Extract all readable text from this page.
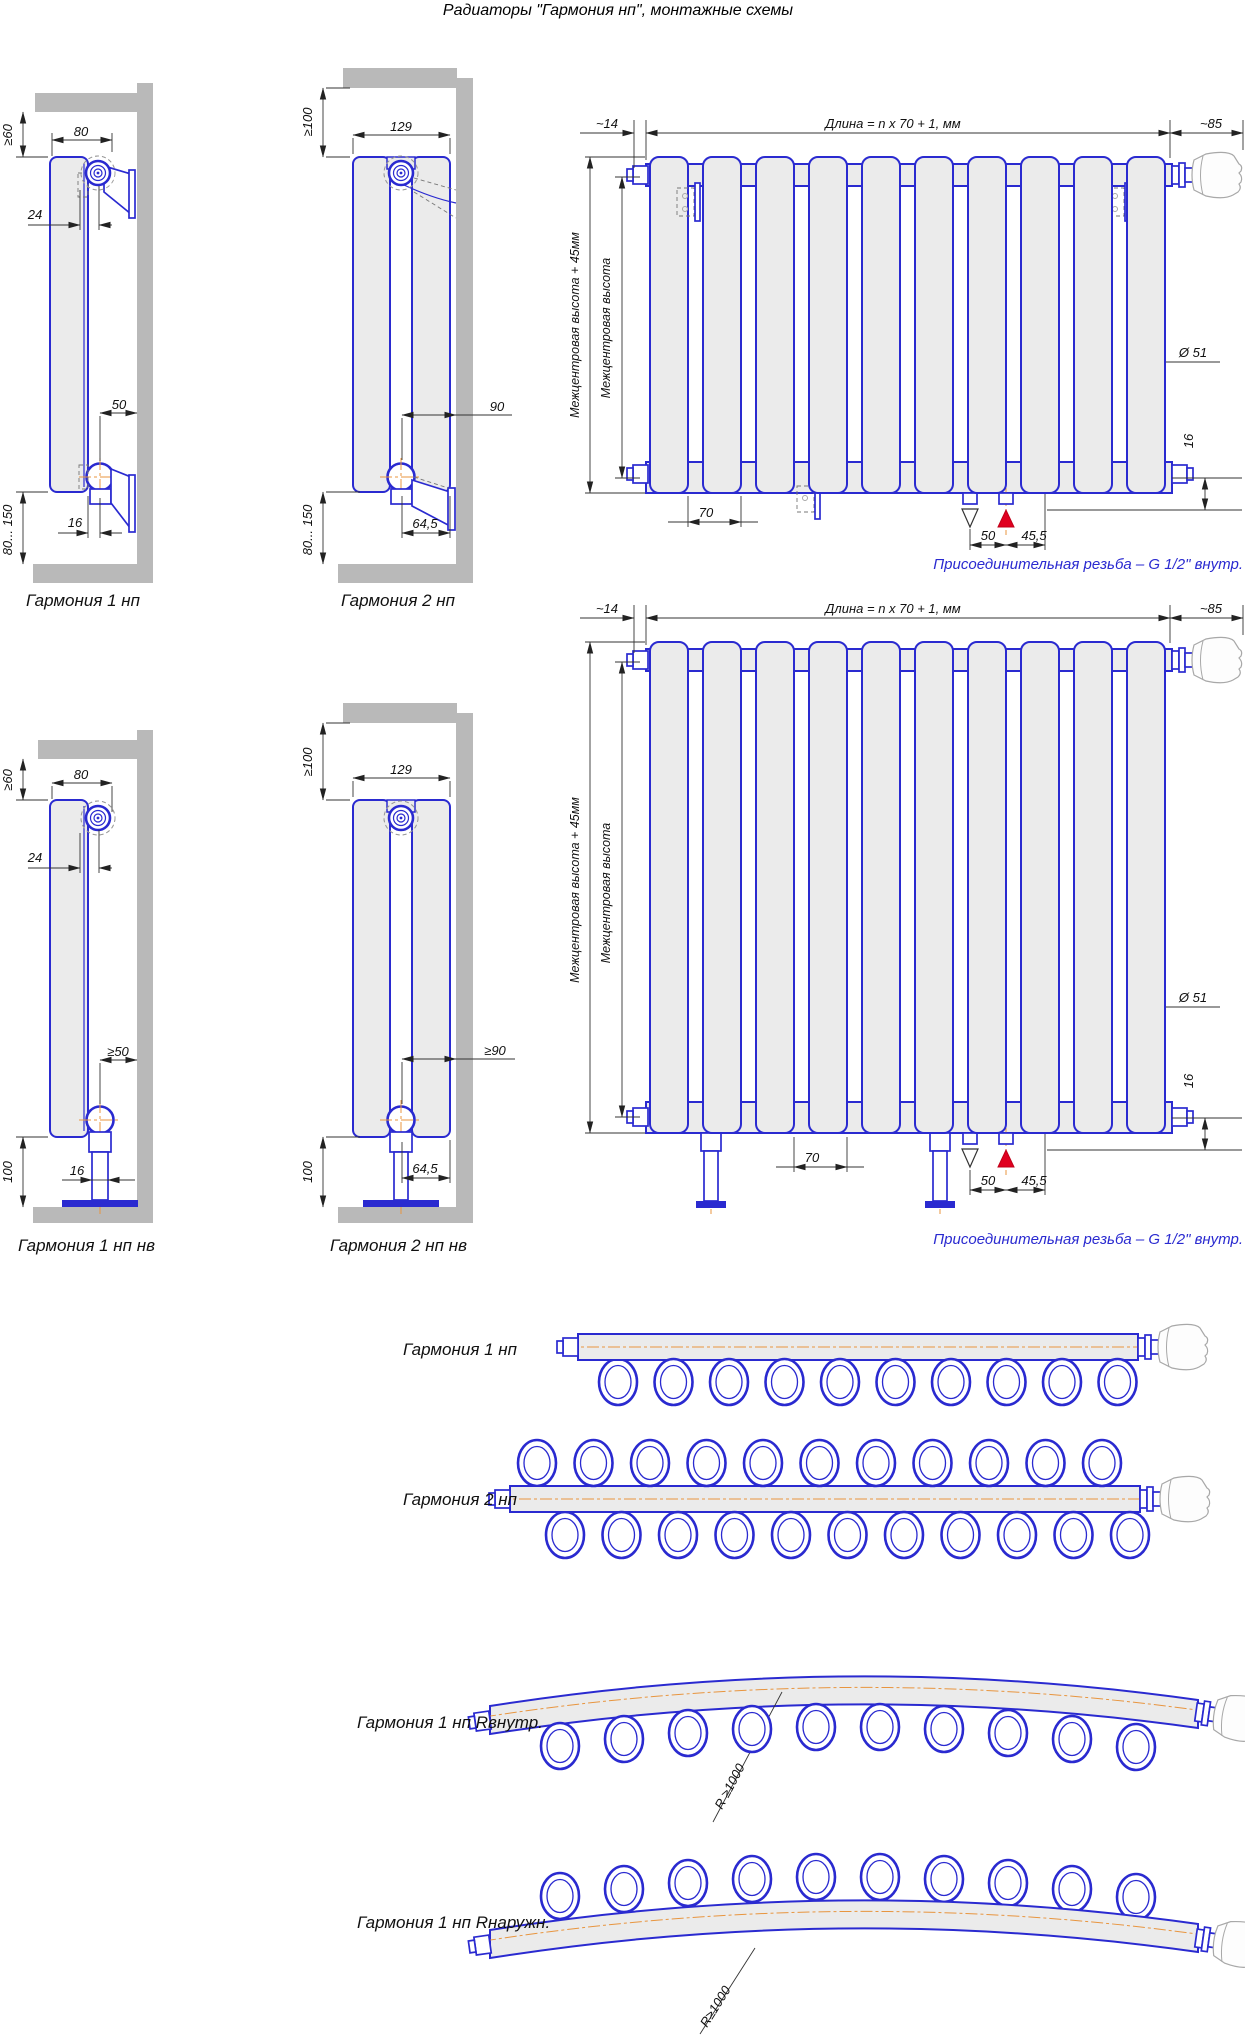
Радиаторы "Гармония нп", монтажные схемы
≥60	80
24
50
16
80... 150
≥100	129
90
64,5
80... 150
~14	Длина = n x 70 + 1, мм	~85
Межцентровая высота + 45мм Межцентровая высота	Ø 51
16
70
50 45,5
≥60	80
24
≥50
16
100
≥100	129
≥90
64,5
100
~14	Длина = n x 70 + 1, мм	~85
Межцентровая высота + 45мм Межцентровая высота
Ø 51
16
70
50 45,5
R ≥1000
R≥1000
Гармония 1 нп	Гармония 2 нп
Присоединительная резьба – G 1/2" внутр.
Гармония 1 нп нв	Гармония 2 нп нв	Присоединительная резьба – G 1/2" внутр.
Гармония 1 нп
Гармония 2 нп
Гармония 1 нп Rвнутр.
Гармония 1 нп Rнаружн.
